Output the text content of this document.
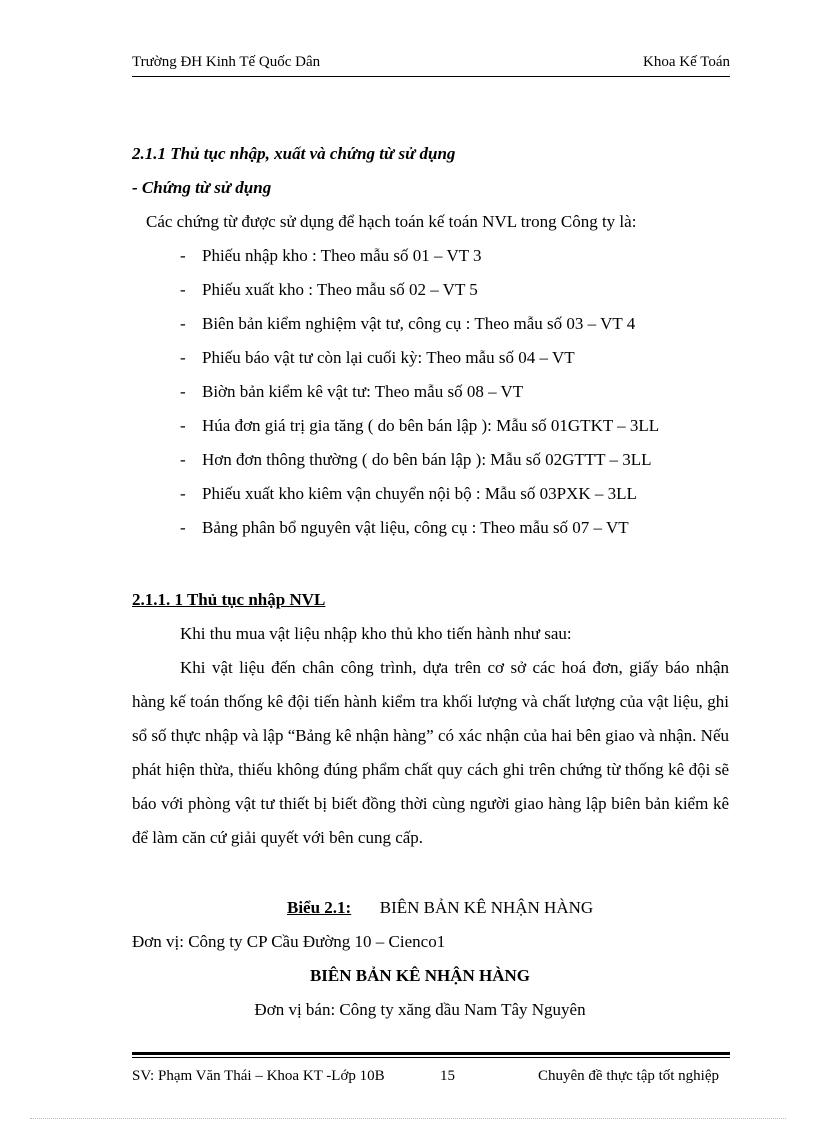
Trường ĐH Kinh Tế Quốc Dân	Khoa Kế Toán
2.1.1 Thủ tục nhập, xuất và chứng từ sử dụng
- Chứng từ sử dụng
Các chứng từ được sử dụng để hạch toán kế toán NVL trong Công ty là:
- Phiếu nhập kho : Theo mẫu số 01 – VT 3
- Phiếu xuất kho : Theo mẫu số 02 – VT 5
- Biên bản kiểm nghiệm vật tư, công cụ : Theo mẫu số 03 – VT 4
- Phiếu báo vật tư còn lại cuối kỳ: Theo mẫu số 04 – VT
- Biờn bản kiểm kê vật tư: Theo mẫu số 08 – VT
- Húa đơn giá trị gia tăng ( do bên bán lập ): Mẫu số 01GTKT – 3LL
- Hơn đơn thông thường ( do bên bán lập ): Mẫu số 02GTTT – 3LL
- Phiếu xuất kho kiêm vận chuyển nội bộ : Mẫu số 03PXK – 3LL
- Bảng phân bổ nguyên vật liệu, công cụ : Theo mẫu số 07 – VT
2.1.1. 1 Thủ tục nhập NVL
Khi thu mua vật liệu nhập kho thủ kho tiến hành như sau:
Khi vật liệu đến chân công trình, dựa trên cơ sở các hoá đơn, giấy báo nhận hàng kế toán thống kê đội tiến hành kiểm tra khối lượng và chất lượng của vật liệu, ghi sổ số thực nhập và lập “Bảng kê nhận hàng” có xác nhận của hai bên giao và nhận. Nếu phát hiện thừa, thiếu không đúng phẩm chất quy cách ghi trên chứng từ thống kê đội sẽ báo với phòng vật tư thiết bị biết đồng thời cùng người giao hàng lập biên bản kiểm kê để làm căn cứ giải quyết với bên cung cấp.
Biểu 2.1: BIÊN BẢN KÊ NHẬN HÀNG
Đơn vị: Công ty CP Cầu Đường 10 – Cienco1
BIÊN BẢN KÊ NHẬN HÀNG
Đơn vị bán: Công ty xăng dầu Nam Tây Nguyên
SV: Phạm Văn Thái – Khoa KT -Lớp 10B	15	Chuyên đề thực tập tốt nghiệp
